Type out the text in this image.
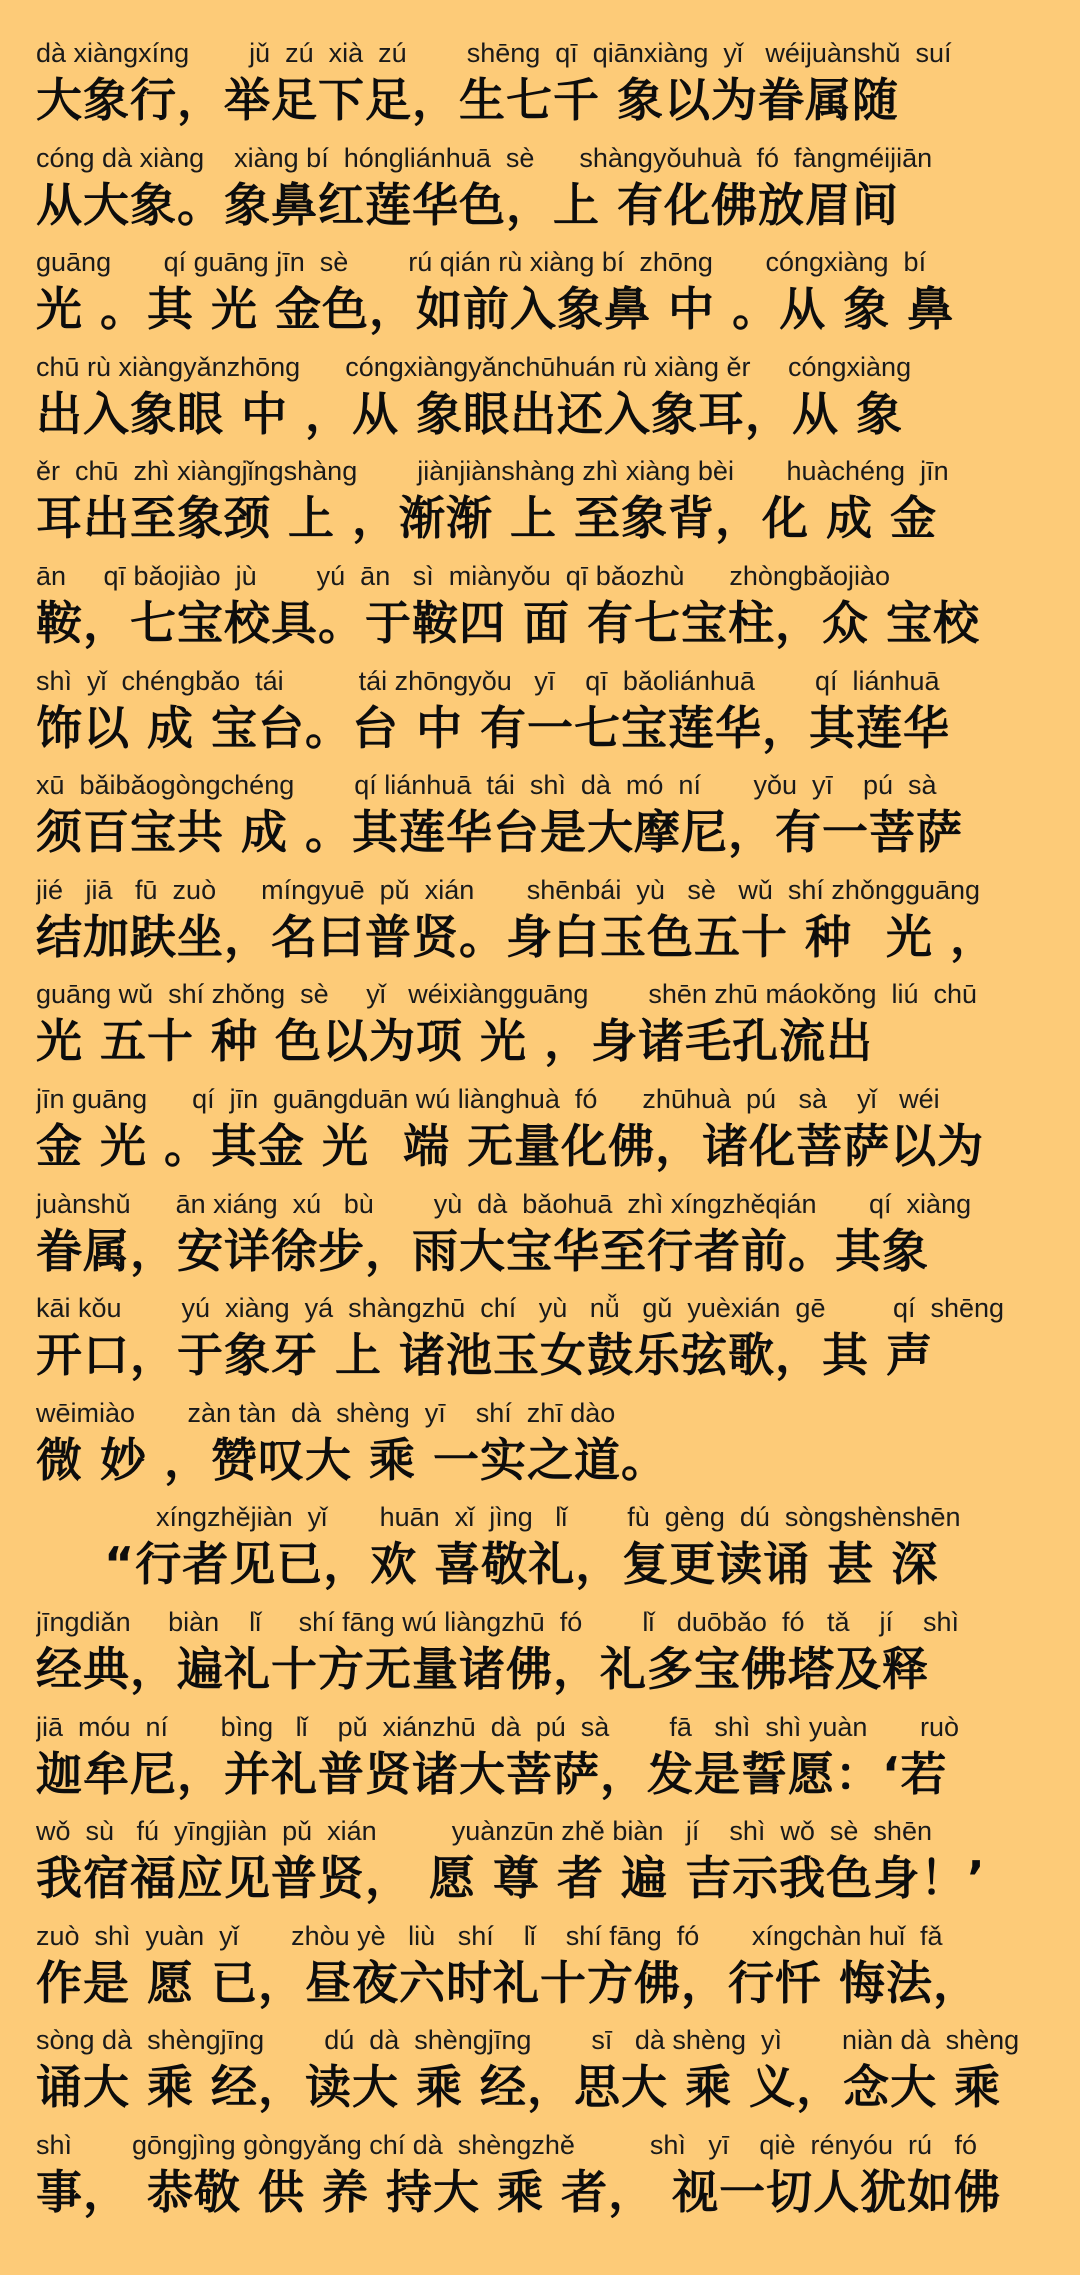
dà xiàngxíng        jǔ  zú  xià  zú        shēng  qī  qiānxiàng  yǐ   wéijuànshǔ  suí
大象行，举足下足，生七千 象以为眷属随
cóng dà xiàng    xiàng bí  hóngliánhuā  sè      shàngyǒuhuà  fó  fàngméijiān
从大象。象鼻红莲华色，上 有化佛放眉间
guāng       qí guāng jīn  sè        rú qián rù xiàng bí  zhōng       cóngxiàng  bí
光 。其 光 金色，如前入象鼻 中 。从 象 鼻
chū rù xiàngyǎnzhōng      cóngxiàngyǎnchūhuán rù xiàng ěr     cóngxiàng
出入象眼 中 ，从 象眼出还入象耳，从 象
ěr  chū  zhì xiàngjǐngshàng        jiànjiànshàng zhì xiàng bèi       huàchéng  jīn
耳出至象颈 上 ，渐渐 上 至象背，化 成 金
ān     qī bǎojiào  jù        yú  ān   sì  miànyǒu  qī bǎozhù      zhòngbǎojiào
鞍，七宝校具。于鞍四 面 有七宝柱，众 宝校
shì  yǐ  chéngbǎo  tái          tái zhōngyǒu   yī    qī  bǎoliánhuā        qí  liánhuā
饰以 成 宝台。台 中 有一七宝莲华，其莲华
xū  bǎibǎogòngchéng        qí liánhuā  tái  shì  dà  mó  ní       yǒu  yī    pú  sà
须百宝共 成 。其莲华台是大摩尼，有一菩萨
jié   jiā   fū  zuò      míngyuē  pǔ  xián       shēnbái  yù   sè   wǔ  shí zhǒngguāng
结加趺坐，名曰普贤。身白玉色五十 种  光 ，
guāng wǔ  shí zhǒng  sè     yǐ   wéixiàngguāng        shēn zhū máokǒng  liú  chū
光 五十 种 色以为项 光 ，身诸毛孔流出
jīn guāng      qí  jīn  guāngduān wú liànghuà  fó      zhūhuà  pú   sà    yǐ   wéi
金 光 。其金 光  端 无量化佛，诸化菩萨以为
juànshǔ      ān xiáng  xú   bù        yù  dà  bǎohuā  zhì xíngzhěqián       qí  xiàng
眷属，安详徐步，雨大宝华至行者前。其象
kāi kǒu        yú  xiàng  yá  shàngzhū  chí   yù   nǚ   gǔ  yuèxián  gē         qí  shēng
开口，于象牙 上 诸池玉女鼓乐弦歌，其 声
wēimiào       zàn tàn  dà  shèng  yī    shí  zhī dào
微 妙 ，赞叹大 乘 一实之道。
xíngzhějiàn  yǐ       huān  xǐ  jìng   lǐ        fù  gèng  dú  sòngshènshēn
“行者见已，欢 喜敬礼，复更读诵 甚 深
jīngdiǎn     biàn    lǐ     shí fāng wú liàngzhū  fó        lǐ   duōbǎo  fó   tǎ    jí    shì
经典，遍礼十方无量诸佛，礼多宝佛塔及释
jiā  móu  ní       bìng   lǐ    pǔ  xiánzhū  dà  pú  sà        fā   shì  shì yuàn       ruò
迦牟尼，并礼普贤诸大菩萨，发是誓愿：‘若
wǒ  sù   fú  yīngjiàn  pǔ  xián          yuànzūn zhě biàn   jí    shì  wǒ  sè  shēn
我宿福应见普贤， 愿 尊 者 遍 吉示我色身！’
zuò  shì  yuàn  yǐ       zhòu yè   liù   shí    lǐ    shí fāng  fó       xíngchàn huǐ  fǎ
作是 愿 已，昼夜六时礼十方佛，行忏 悔法，
sòng dà  shèngjīng        dú  dà  shèngjīng        sī   dà shèng  yì        niàn dà  shèng
诵大 乘 经，读大 乘 经，思大 乘 义，念大 乘
shì        gōngjìng gòngyǎng chí dà  shèngzhě          shì   yī    qiè  rényóu  rú   fó
事， 恭敬 供 养 持大 乘 者， 视一切人犹如佛
